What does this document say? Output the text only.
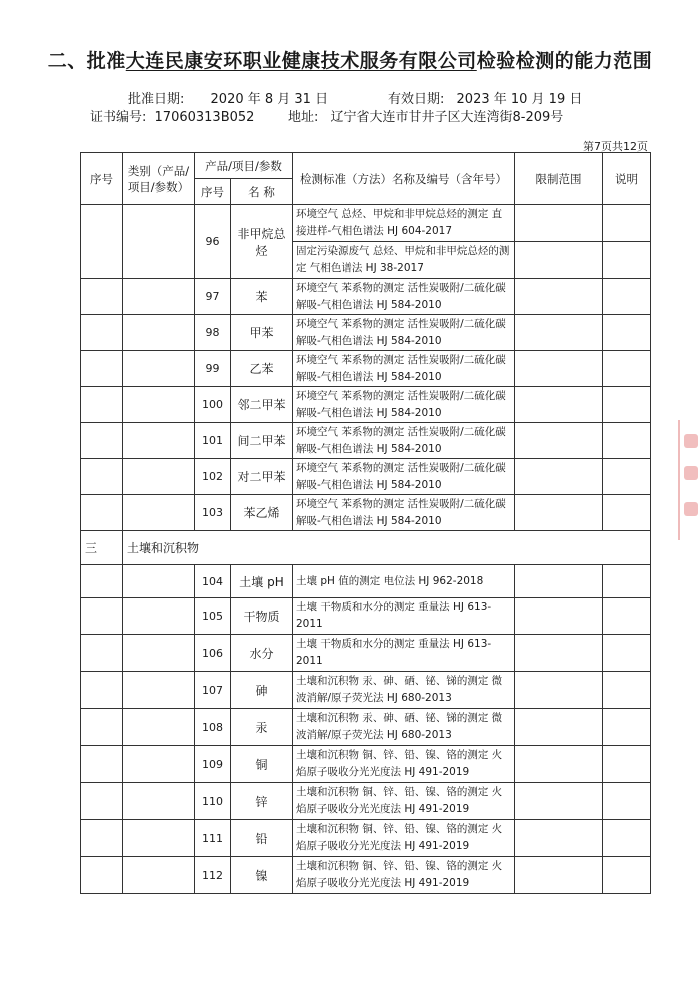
二、批准大连民康安环职业健康技术服务有限公司检验检测的能力范围
批准日期: 2020 年 8 月 31 日	有效日期: 2023 年 10 月 19 日
证书编号: 17060313B052	地址: 辽宁省大连市甘井子区大连湾街8-209号
第7页共12页
序号	类别（产品/项目/参数）	产品/项目/参数		检测标准（方法）名称及编号（含年号）	限制范围	说明
		序号	名 称			
		96	非甲烷总烃	环境空气 总烃、甲烷和非甲烷总烃的测定 直接进样-气相色谱法 HJ 604-2017		
				固定污染源废气 总烃、甲烷和非甲烷总烃的测定 气相色谱法 HJ 38-2017		
		97	苯	环境空气 苯系物的测定 活性炭吸附/二硫化碳解吸-气相色谱法 HJ 584-2010		
		98	甲苯	环境空气 苯系物的测定 活性炭吸附/二硫化碳解吸-气相色谱法 HJ 584-2010		
		99	乙苯	环境空气 苯系物的测定 活性炭吸附/二硫化碳解吸-气相色谱法 HJ 584-2010		
		100	邻二甲苯	环境空气 苯系物的测定 活性炭吸附/二硫化碳解吸-气相色谱法 HJ 584-2010		
		101	间二甲苯	环境空气 苯系物的测定 活性炭吸附/二硫化碳解吸-气相色谱法 HJ 584-2010		
		102	对二甲苯	环境空气 苯系物的测定 活性炭吸附/二硫化碳解吸-气相色谱法 HJ 584-2010		
		103	苯乙烯	环境空气 苯系物的测定 活性炭吸附/二硫化碳解吸-气相色谱法 HJ 584-2010		
三	土壤和沉积物					
		104	土壤 pH	土壤 pH 值的测定 电位法 HJ 962-2018		
		105	干物质	土壤 干物质和水分的测定 重量法 HJ 613-2011		
		106	水分	土壤 干物质和水分的测定 重量法 HJ 613-2011		
		107	砷	土壤和沉积物 汞、砷、硒、铋、锑的测定 微波消解/原子荧光法 HJ 680-2013		
		108	汞	土壤和沉积物 汞、砷、硒、铋、锑的测定 微波消解/原子荧光法 HJ 680-2013		
		109	铜	土壤和沉积物 铜、锌、铅、镍、铬的测定 火焰原子吸收分光光度法 HJ 491-2019		
		110	锌	土壤和沉积物 铜、锌、铅、镍、铬的测定 火焰原子吸收分光光度法 HJ 491-2019		
		111	铅	土壤和沉积物 铜、锌、铅、镍、铬的测定 火焰原子吸收分光光度法 HJ 491-2019		
		112	镍	土壤和沉积物 铜、锌、铅、镍、铬的测定 火焰原子吸收分光光度法 HJ 491-2019		
